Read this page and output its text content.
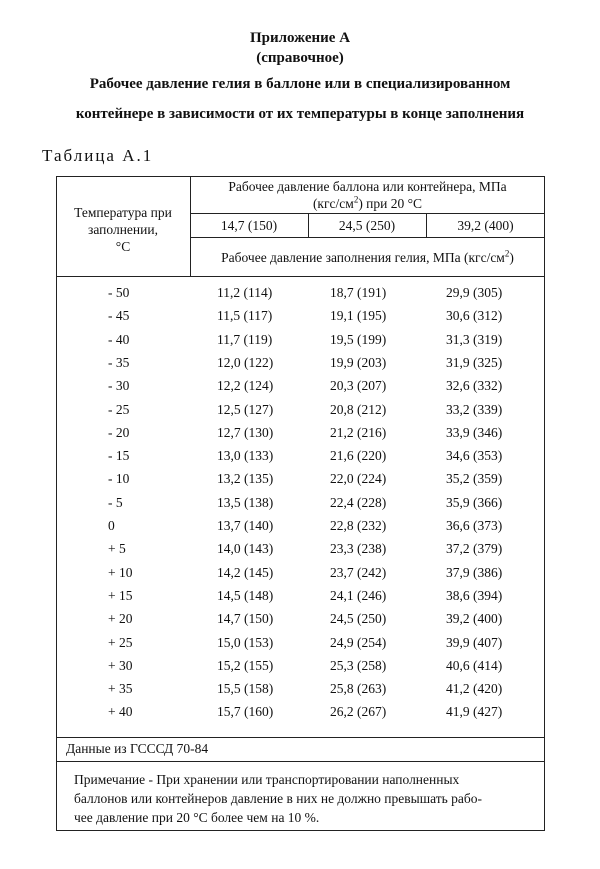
Приложение А
(справочное)
Рабочее давление гелия в баллоне или в специализированном
контейнере в зависимости от их температуры в конце заполнения
Таблица А.1
Температура при
заполнении,
°С
Рабочее давление баллона или контейнера, МПа
$(кгс/см^2)$ при 20 °С
14,7 (150)	24,5 (250)	39,2 (400)
Рабочее давление заполнения гелия, МПа $(кгс/см^2)$
- 50	11,2 (114)	18,7 (191)	29,9 (305)
- 45	11,5 (117)	19,1 (195)	30,6 (312)
- 40	11,7 (119)	19,5 (199)	31,3 (319)
- 35	12,0 (122)	19,9 (203)	31,9 (325)
- 30	12,2 (124)	20,3 (207)	32,6 (332)
- 25	12,5 (127)	20,8 (212)	33,2 (339)
- 20	12,7 (130)	21,2 (216)	33,9 (346)
- 15	13,0 (133)	21,6 (220)	34,6 (353)
- 10	13,2 (135)	22,0 (224)	35,2 (359)
- 5	13,5 (138)	22,4 (228)	35,9 (366)
0	13,7 (140)	22,8 (232)	36,6 (373)
+ 5	14,0 (143)	23,3 (238)	37,2 (379)
+ 10	14,2 (145)	23,7 (242)	37,9 (386)
+ 15	14,5 (148)	24,1 (246)	38,6 (394)
+ 20	14,7 (150)	24,5 (250)	39,2 (400)
+ 25	15,0 (153)	24,9 (254)	39,9 (407)
+ 30	15,2 (155)	25,3 (258)	40,6 (414)
+ 35	15,5 (158)	25,8 (263)	41,2 (420)
+ 40	15,7 (160)	26,2 (267)	41,9 (427)
Данные из ГСССД 70-84
Примечание - При хранении или транспортировании наполненных
баллонов или контейнеров давление в них не должно превышать рабо-
чее давление при 20 °С более чем на 10 %.
